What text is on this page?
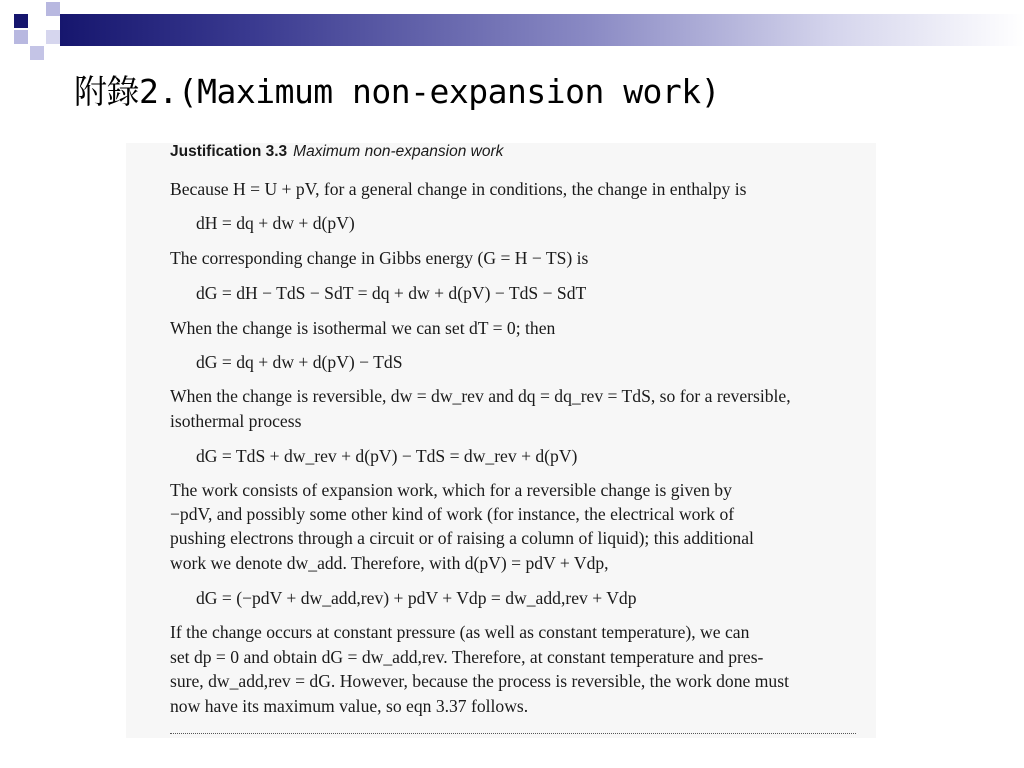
附錄2.(Maximum non-expansion work)
Justification 3.3 Maximum non-expansion work
Because H = U + pV, for a general change in conditions, the change in enthalpy is
dH = dq + dw + d(pV)
The corresponding change in Gibbs energy (G = H − TS) is
dG = dH − TdS − SdT = dq + dw + d(pV) − TdS − SdT
When the change is isothermal we can set dT = 0; then
dG = dq + dw + d(pV) − TdS
When the change is reversible, dw = dw_rev and dq = dq_rev = TdS, so for a reversible,
isothermal process
dG = TdS + dw_rev + d(pV) − TdS = dw_rev + d(pV)
The work consists of expansion work, which for a reversible change is given by
−pdV, and possibly some other kind of work (for instance, the electrical work of
pushing electrons through a circuit or of raising a column of liquid); this additional
work we denote dw_add. Therefore, with d(pV) = pdV + Vdp,
dG = (−pdV + dw_add,rev) + pdV + Vdp = dw_add,rev + Vdp
If the change occurs at constant pressure (as well as constant temperature), we can
set dp = 0 and obtain dG = dw_add,rev. Therefore, at constant temperature and pres-
sure, dw_add,rev = dG. However, because the process is reversible, the work done must
now have its maximum value, so eqn 3.37 follows.
